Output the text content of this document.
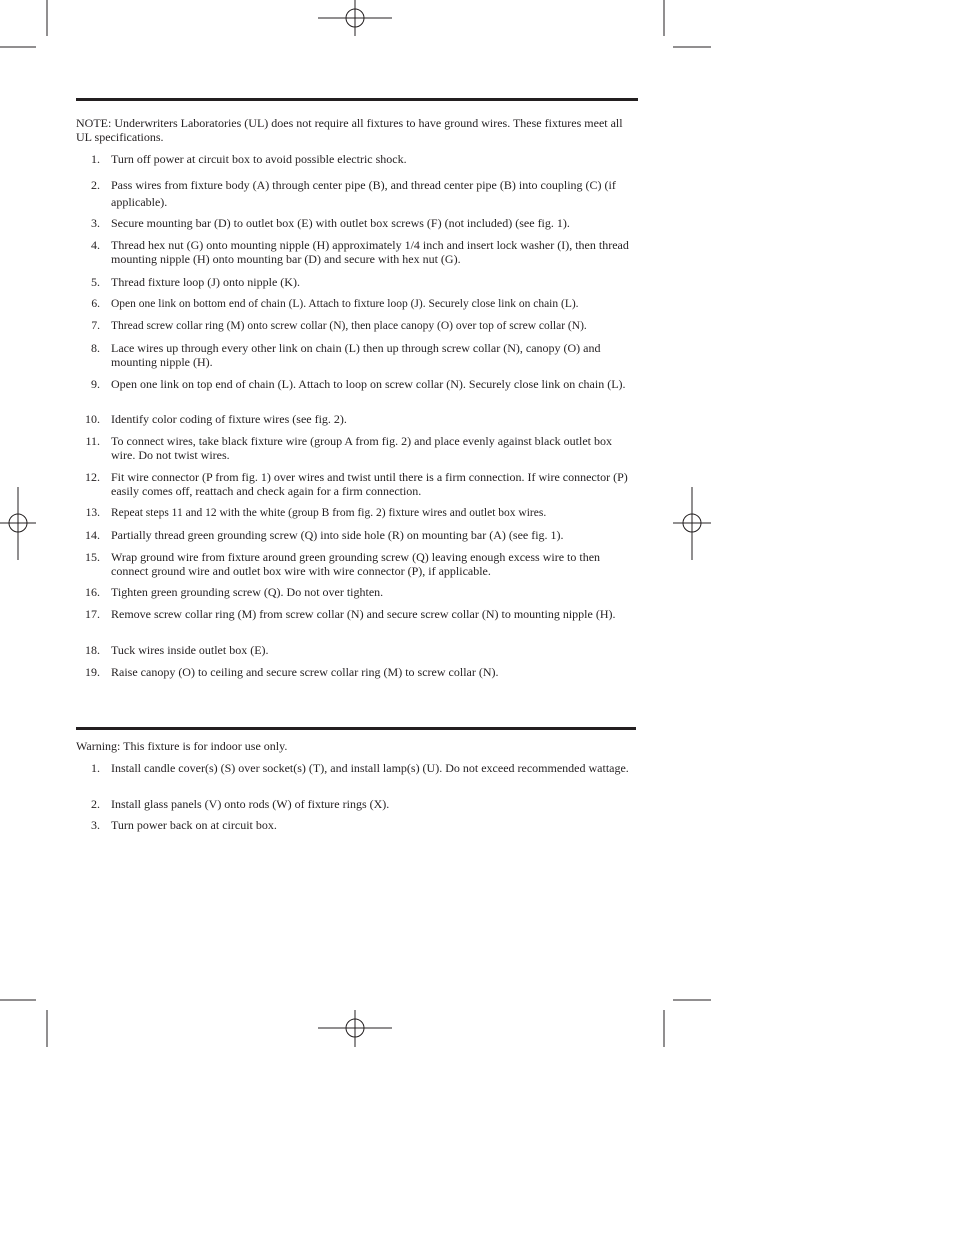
NOTE: Underwriters Laboratories (UL) does not require all fixtures to have ground wires. These fixtures meet all UL specifications.

1. Turn off power at circuit box to avoid possible electric shock.
2. Pass wires from fixture body (A) through center pipe (B), and thread center pipe (B) into coupling (C) (if applicable).
3. Secure mounting bar (D) to outlet box (E) with outlet box screws (F) (not included) (see fig. 1).
4. Thread hex nut (G) onto mounting nipple (H) approximately 1/4 inch and insert lock washer (I), then thread mounting nipple (H) onto mounting bar (D) and secure with hex nut (G).
5. Thread fixture loop (J) onto nipple (K).
6. Open one link on bottom end of chain (L). Attach to fixture loop (J). Securely close link on chain (L).
7. Thread screw collar ring (M) onto screw collar (N), then place canopy (O) over top of screw collar (N).
8. Lace wires up through every other link on chain (L) then up through screw collar (N), canopy (O) and mounting nipple (H).
9. Open one link on top end of chain (L). Attach to loop on screw collar (N). Securely close link on chain (L).
10. Identify color coding of fixture wires (see fig. 2).
11. To connect wires, take black fixture wire (group A from fig. 2) and place evenly against black outlet box wire. Do not twist wires.
12. Fit wire connector (P from fig. 1) over wires and twist until there is a firm connection. If wire connector (P) easily comes off, reattach and check again for a firm connection.
13. Repeat steps 11 and 12 with the white (group B from fig. 2) fixture wires and outlet box wires.
14. Partially thread green grounding screw (Q) into side hole (R) on mounting bar (A) (see fig. 1).
15. Wrap ground wire from fixture around green grounding screw (Q) leaving enough excess wire to then connect ground wire and outlet box wire with wire connector (P), if applicable.
16. Tighten green grounding screw (Q). Do not over tighten.
17. Remove screw collar ring (M) from screw collar (N) and secure screw collar (N) to mounting nipple (H).
18. Tuck wires inside outlet box (E).
19. Raise canopy (O) to ceiling and secure screw collar ring (M) to screw collar (N).

Warning: This fixture is for indoor use only.

1. Install candle cover(s) (S) over socket(s) (T), and install lamp(s) (U). Do not exceed recommended wattage.
2. Install glass panels (V) onto rods (W) of fixture rings (X).
3. Turn power back on at circuit box.
